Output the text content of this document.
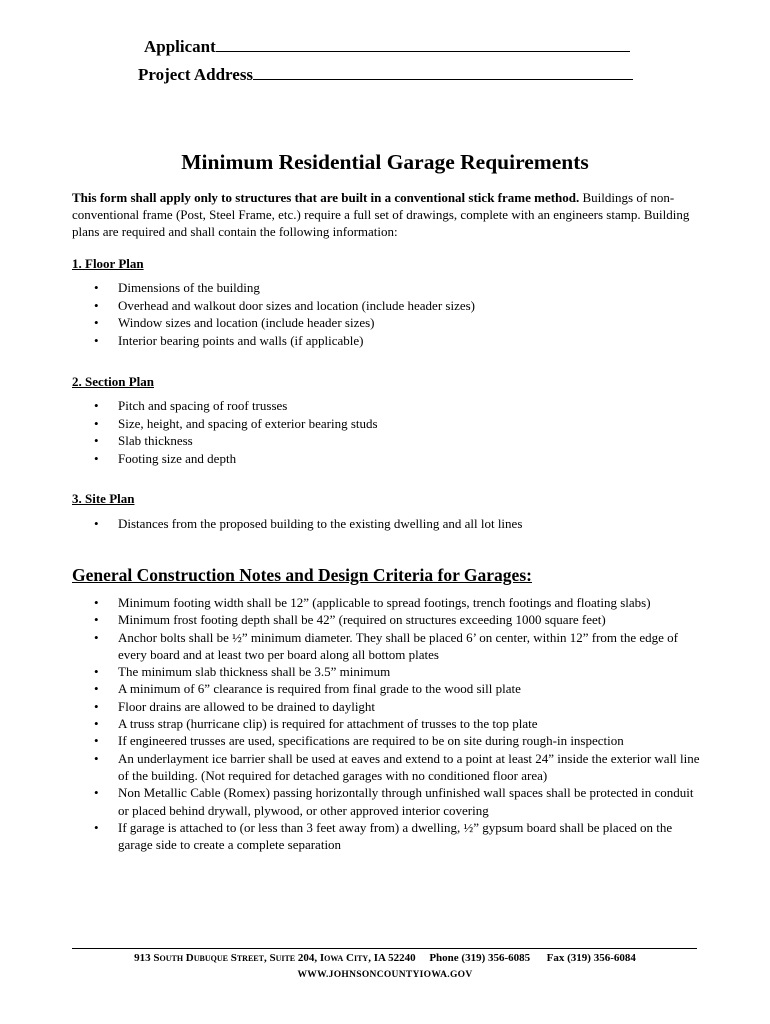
Applicant
Project Address
Minimum Residential Garage Requirements
This form shall apply only to structures that are built in a conventional stick frame method. Buildings of non-conventional frame (Post, Steel Frame, etc.) require a full set of drawings, complete with an engineers stamp. Building plans are required and shall contain the following information:
1. Floor Plan
• Dimensions of the building
• Overhead and walkout door sizes and location (include header sizes)
• Window sizes and location (include header sizes)
• Interior bearing points and walls (if applicable)
2. Section Plan
• Pitch and spacing of roof trusses
• Size, height, and spacing of exterior bearing studs
• Slab thickness
• Footing size and depth
3. Site Plan
• Distances from the proposed building to the existing dwelling and all lot lines
General Construction Notes and Design Criteria for Garages:
• Minimum footing width shall be 12” (applicable to spread footings, trench footings and floating slabs)
• Minimum frost footing depth shall be 42” (required on structures exceeding 1000 square feet)
• Anchor bolts shall be ½” minimum diameter. They shall be placed 6’ on center, within 12” from the edge of every board and at least two per board along all bottom plates
• The minimum slab thickness shall be 3.5” minimum
• A minimum of 6” clearance is required from final grade to the wood sill plate
• Floor drains are allowed to be drained to daylight
• A truss strap (hurricane clip) is required for attachment of trusses to the top plate
• If engineered trusses are used, specifications are required to be on site during rough-in inspection
• An underlayment ice barrier shall be used at eaves and extend to a point at least 24” inside the exterior wall line of the building. (Not required for detached garages with no conditioned floor area)
• Non Metallic Cable (Romex) passing horizontally through unfinished wall spaces shall be protected in conduit or placed behind drywall, plywood, or other approved interior covering
• If garage is attached to (or less than 3 feet away from) a dwelling, ½” gypsum board shall be placed on the garage side to create a complete separation
913 South Dubuque Street, Suite 204, Iowa City, IA 52240 Phone (319) 356-6085 Fax (319) 356-6084
WWW.JOHNSONCOUNTYIOWA.GOV
